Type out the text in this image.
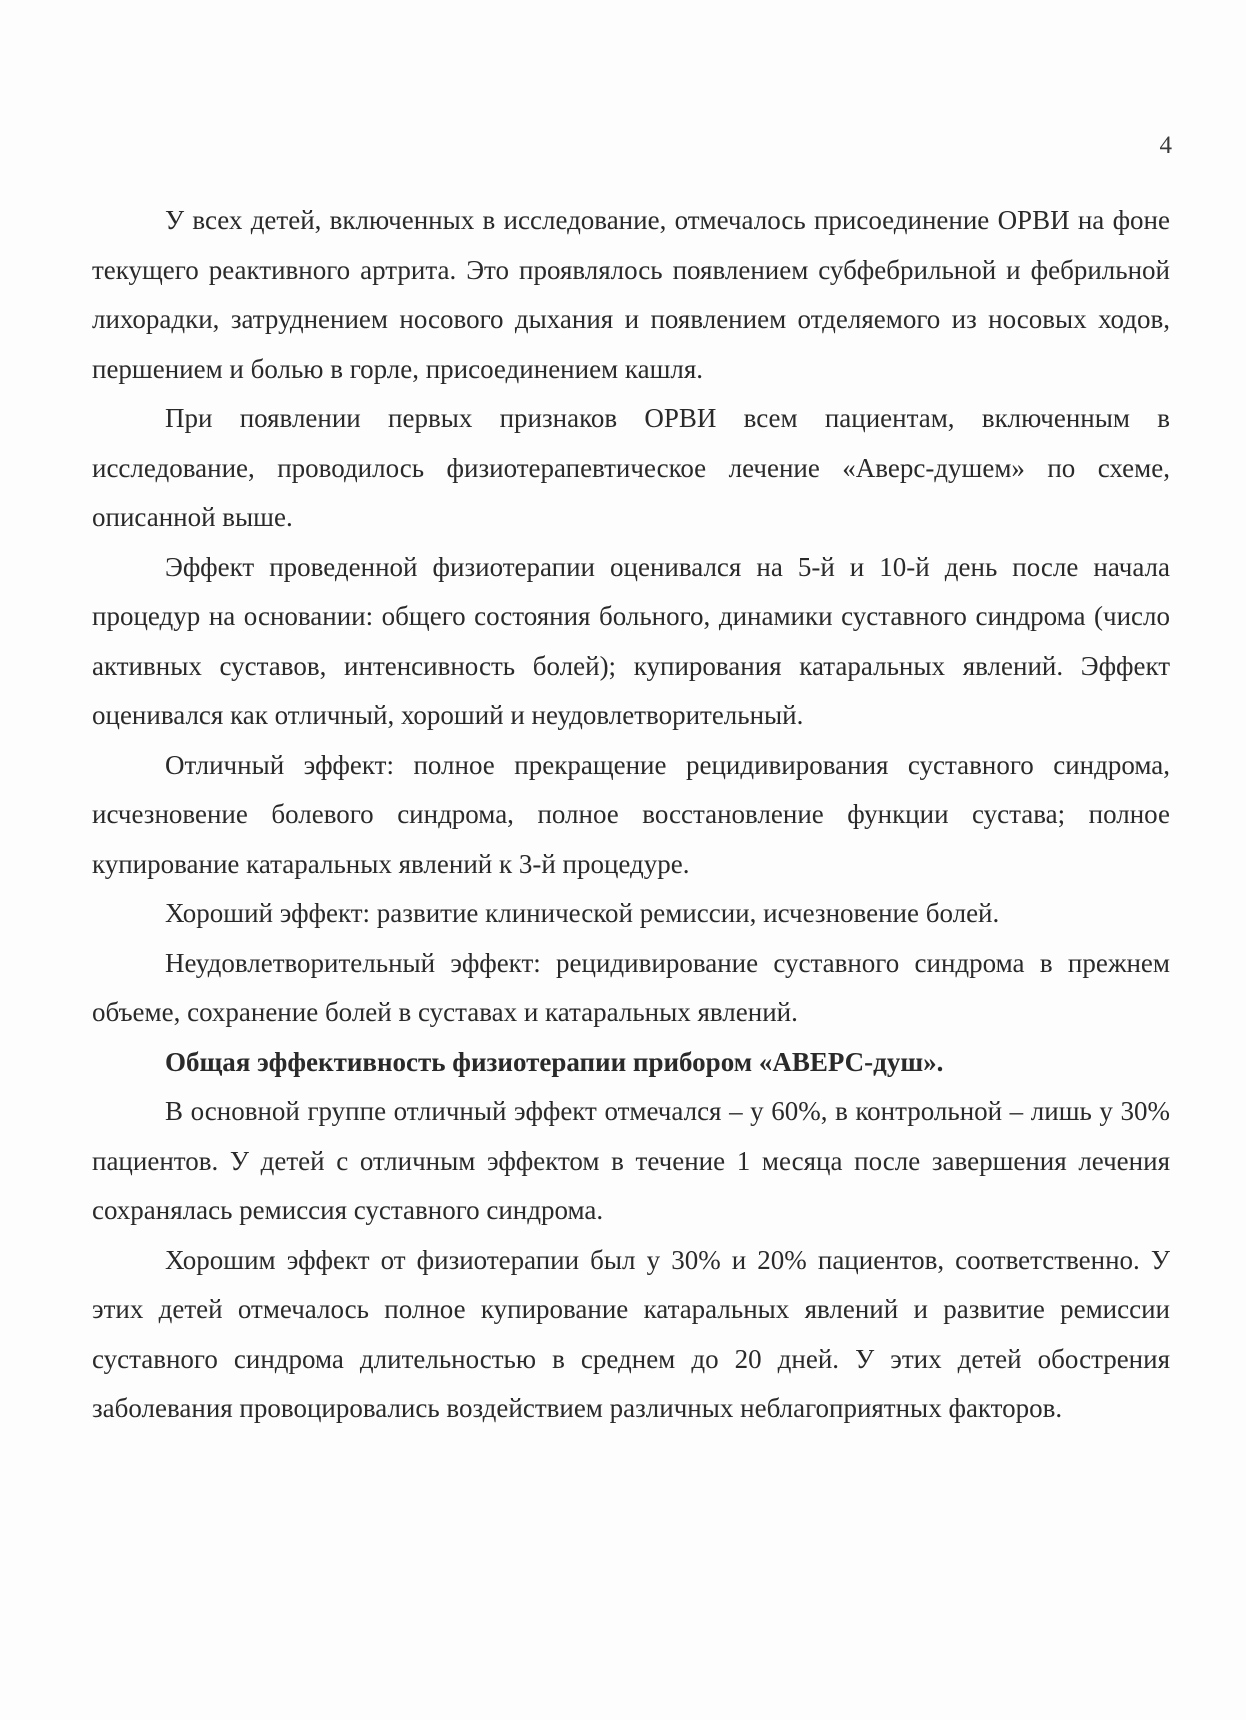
4

У всех детей, включенных в исследование, отмечалось присоединение ОРВИ на фоне текущего реактивного артрита. Это проявлялось появлением субфебрильной и фебрильной лихорадки, затруднением носового дыхания и появлением отделяемого из носовых ходов, першением и болью в горле, присоединением кашля.

При появлении первых признаков ОРВИ всем пациентам, включенным в исследование, проводилось физиотерапевтическое лечение «Аверс-душем» по схеме, описанной выше.

Эффект проведенной физиотерапии оценивался на 5-й и 10-й день после начала процедур на основании: общего состояния больного, динамики суставного синдрома (число активных суставов, интенсивность болей); купирования катаральных явлений. Эффект оценивался как отличный, хороший и неудовлетворительный.

Отличный эффект: полное прекращение рецидивирования суставного синдрома, исчезновение болевого синдрома, полное восстановление функции сустава; полное купирование катаральных явлений к 3-й процедуре.

Хороший эффект: развитие клинической ремиссии, исчезновение болей.

Неудовлетворительный эффект: рецидивирование суставного синдрома в прежнем объеме, сохранение болей в суставах и катаральных явлений.

Общая эффективность физиотерапии прибором «АВЕРС-душ».

В основной группе отличный эффект отмечался – у 60%, в контрольной – лишь у 30% пациентов. У детей с отличным эффектом в течение 1 месяца после завершения лечения сохранялась ремиссия суставного синдрома.

Хорошим эффект от физиотерапии был у 30% и 20% пациентов, соответственно. У этих детей отмечалось полное купирование катаральных явлений и развитие ремиссии суставного синдрома длительностью в среднем до 20 дней. У этих детей обострения заболевания провоцировались воздействием различных неблагоприятных факторов.
